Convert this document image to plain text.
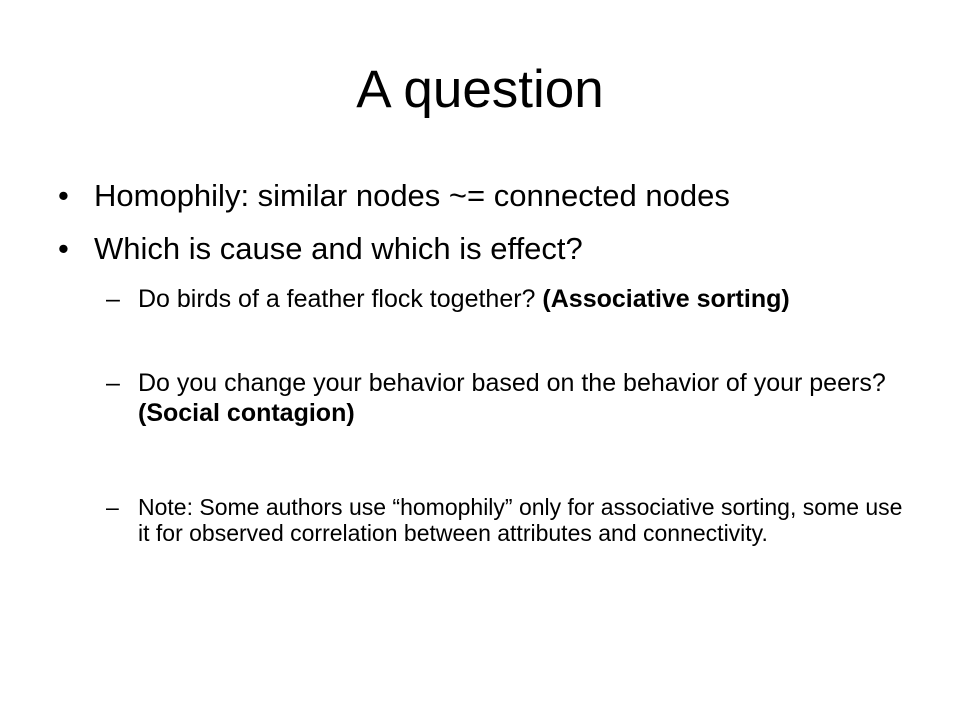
A question
• Homophily: similar nodes ~= connected nodes
• Which is cause and which is effect?
– Do birds of a feather flock together? (Associative sorting)
– Do you change your behavior based on the behavior of your peers? (Social contagion)
– Note: Some authors use “homophily” only for associative sorting, some use it for observed correlation between attributes and connectivity.
